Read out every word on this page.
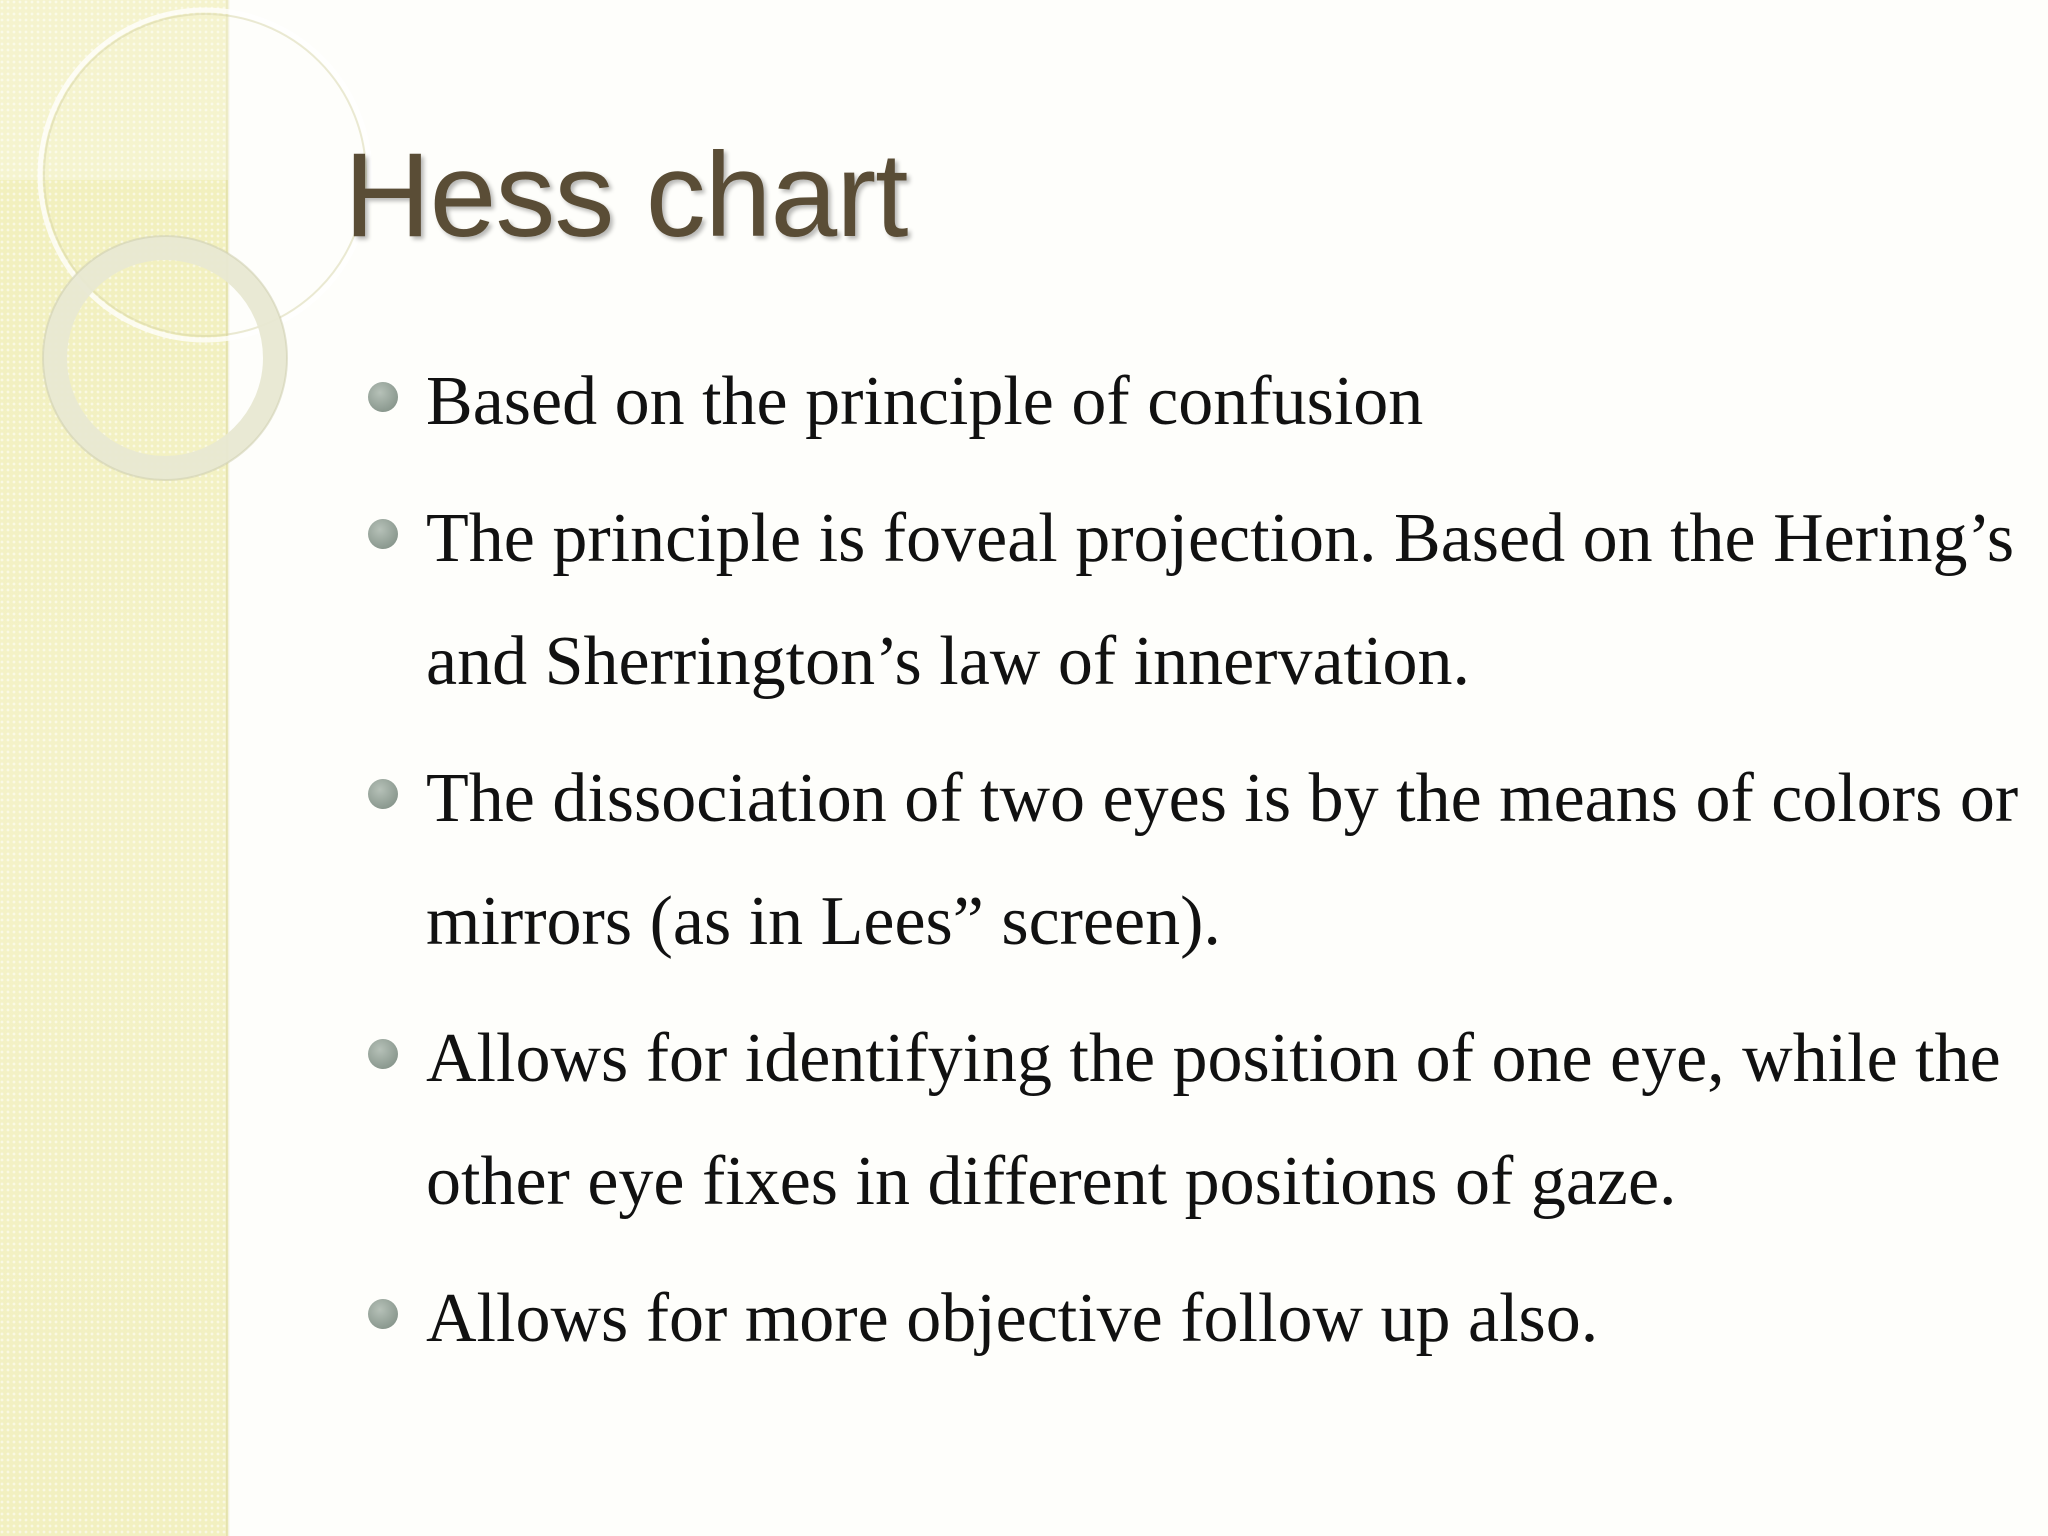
Hess chart
Based on the principle of confusion
The principle is foveal projection. Based on the Hering’s and Sherrington’s law of innervation.
The dissociation of two eyes is by the means of colors or mirrors (as in Lees” screen).
Allows for identifying the position of one eye, while the other eye fixes in different positions of gaze.
Allows for more objective follow up also.
